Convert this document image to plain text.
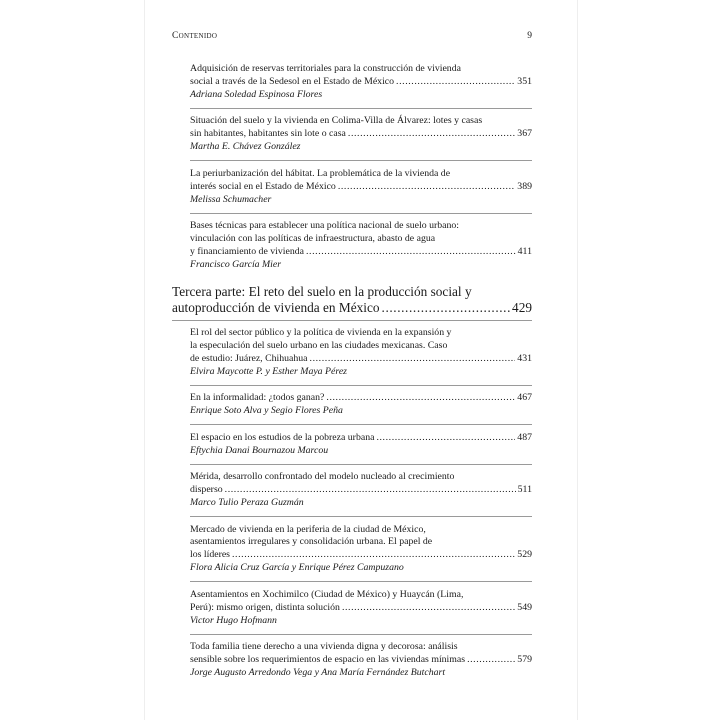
Contenido	9
Adquisición de reservas territoriales para la construcción de vivienda
social a través de la Sedesol en el Estado de México .....	351
Adriana Soledad Espinosa Flores
Situación del suelo y la vivienda en Colima-Villa de Álvarez: lotes y casas
sin habitantes, habitantes sin lote o casa .....	367
Martha E. Chávez González
La periurbanización del hábitat. La problemática de la vivienda de
interés social en el Estado de México .....	389
Melissa Schumacher
Bases técnicas para establecer una política nacional de suelo urbano:
vinculación con las políticas de infraestructura, abasto de agua
y financiamiento de vivienda .....	411
Francisco García Mier
Tercera parte: El reto del suelo en la producción social y
autoproducción de vivienda en México .....	429
El rol del sector público y la política de vivienda en la expansión y
la especulación del suelo urbano en las ciudades mexicanas. Caso
de estudio: Juárez, Chihuahua .....	431
Elvira Maycotte P. y Esther Maya Pérez
En la informalidad: ¿todos ganan? .....	467
Enrique Soto Alva y Segio Flores Peña
El espacio en los estudios de la pobreza urbana .....	487
Eftychia Danai Bournazou Marcou
Mérida, desarrollo confrontado del modelo nucleado al crecimiento
disperso .....	511
Marco Tulio Peraza Guzmán
Mercado de vivienda en la periferia de la ciudad de México,
asentamientos irregulares y consolidación urbana. El papel de
los líderes .....	529
Flora Alicia Cruz García y Enrique Pérez Campuzano
Asentamientos en Xochimilco (Ciudad de México) y Huaycán (Lima,
Perú): mismo origen, distinta solución .....	549
Victor Hugo Hofmann
Toda familia tiene derecho a una vivienda digna y decorosa: análisis
sensible sobre los requerimientos de espacio en las viviendas mínimas .....	579
Jorge Augusto Arredondo Vega y Ana María Fernández Butchart
